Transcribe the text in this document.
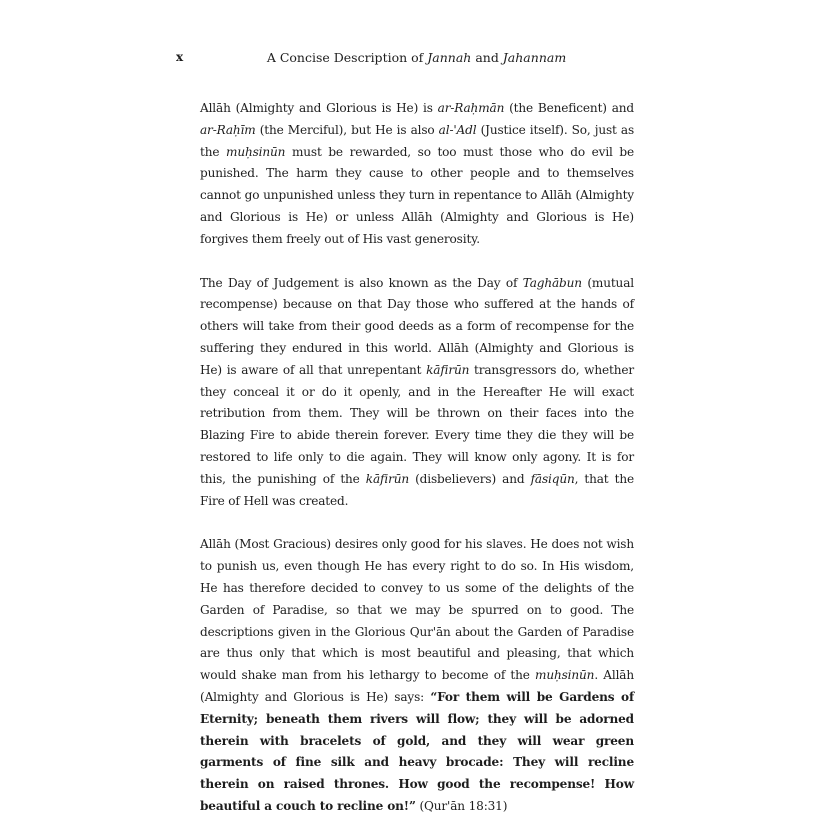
x	A Concise Description of Jannah and Jahannam

Allāh (Almighty and Glorious is He) is ar-Raḥmān (the Beneficent) and ar-Raḥīm (the Merciful), but He is also al-'Adl (Justice itself). So, just as the muḥsinūn must be rewarded, so too must those who do evil be punished. The harm they cause to other people and to themselves cannot go unpunished unless they turn in repentance to Allāh (Almighty and Glorious is He) or unless Allāh (Almighty and Glorious is He) forgives them freely out of His vast generosity.

The Day of Judgement is also known as the Day of Taghābun (mutual recompense) because on that Day those who suffered at the hands of others will take from their good deeds as a form of recompense for the suffering they endured in this world. Allāh (Almighty and Glorious is He) is aware of all that unrepentant kāfirūn transgressors do, whether they conceal it or do it openly, and in the Hereafter He will exact retribution from them. They will be thrown on their faces into the Blazing Fire to abide therein forever. Every time they die they will be restored to life only to die again. They will know only agony. It is for this, the punishing of the kāfirūn (disbelievers) and fāsiqūn, that the Fire of Hell was created.

Allāh (Most Gracious) desires only good for his slaves. He does not wish to punish us, even though He has every right to do so. In His wisdom, He has therefore decided to convey to us some of the delights of the Garden of Paradise, so that we may be spurred on to good. The descriptions given in the Glorious Qur'ān about the Garden of Paradise are thus only that which is most beautiful and pleasing, that which would shake man from his lethargy to become of the muḥsinūn. Allāh (Almighty and Glorious is He) says: “For them will be Gardens of Eternity; beneath them rivers will flow; they will be adorned therein with bracelets of gold, and they will wear green garments of fine silk and heavy brocade: They will recline therein on raised thrones. How good the recompense! How beautiful a couch to recline on!” (Qur'ān 18:31)
